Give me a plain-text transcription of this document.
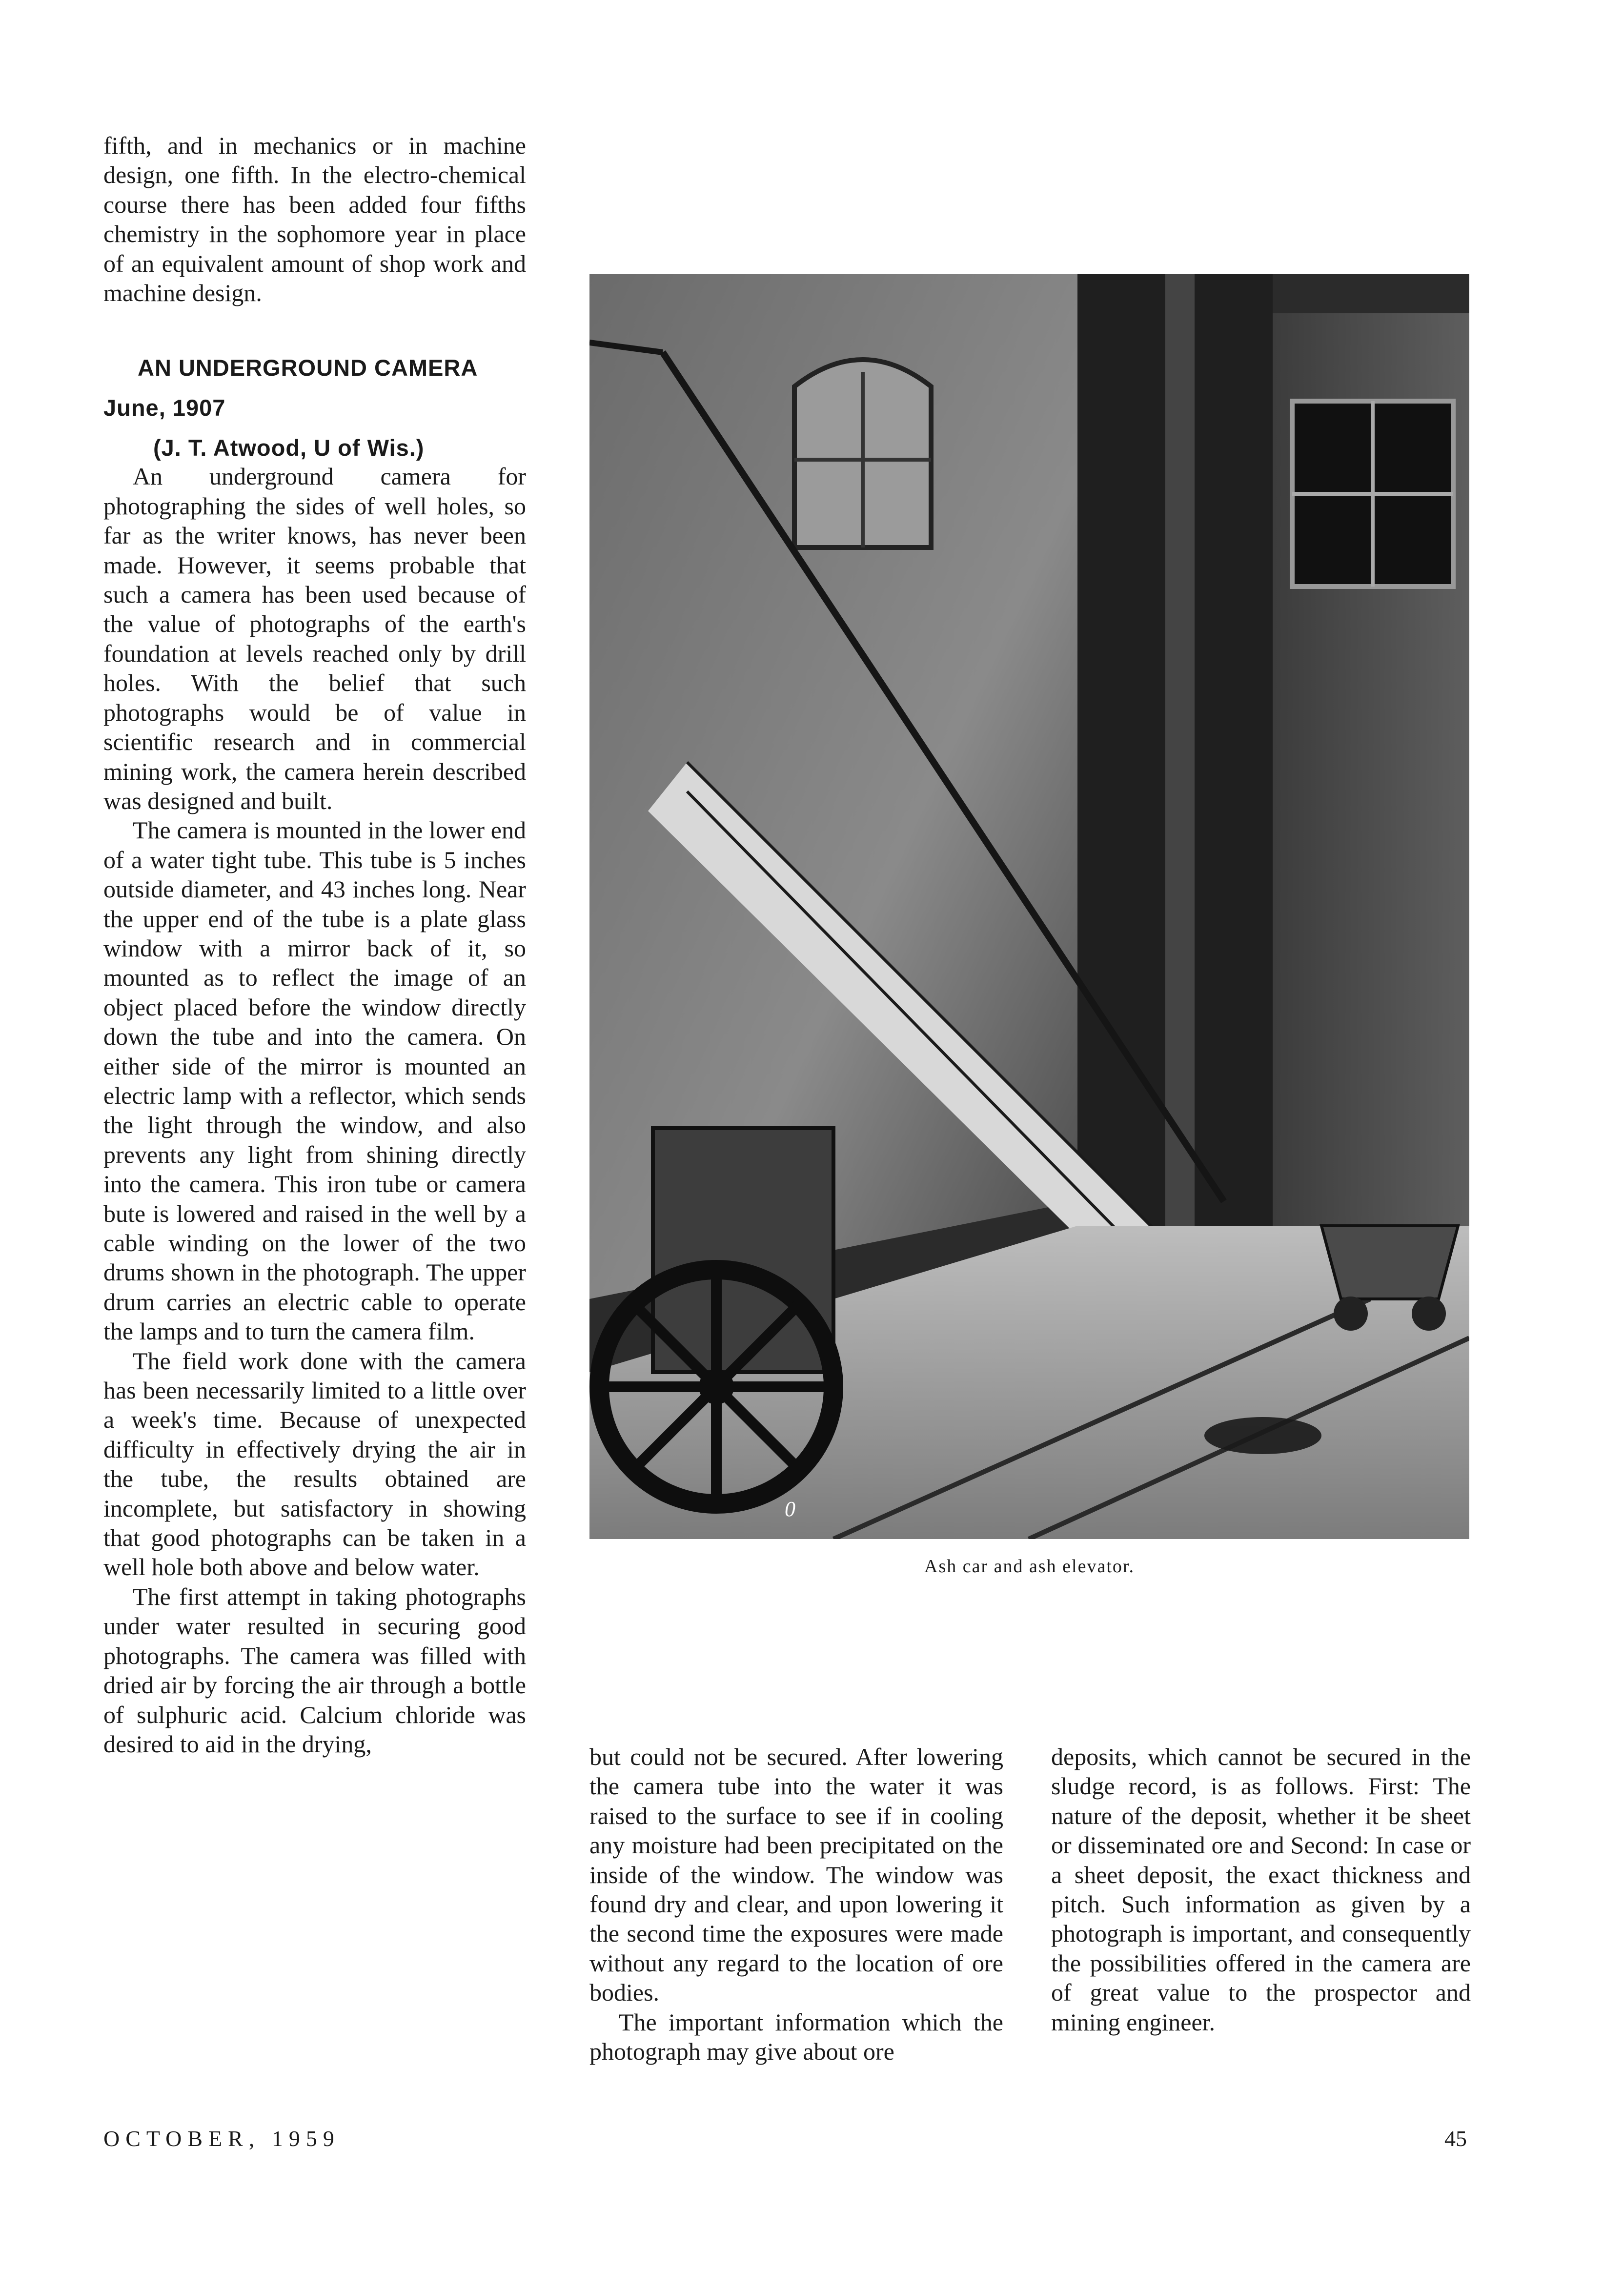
fifth, and in mechanics or in machine design, one fifth. In the electro-chemical course there has been added four fifths chemistry in the sophomore year in place of an equivalent amount of shop work and machine design.

AN UNDERGROUND CAMERA

June, 1907

(J. T. Atwood, U of Wis.)

An underground camera for photographing the sides of well holes, so far as the writer knows, has never been made. However, it seems probable that such a camera has been used because of the value of photographs of the earth's foundation at levels reached only by drill holes. With the belief that such photographs would be of value in scientific research and in commercial mining work, the camera herein described was designed and built.

The camera is mounted in the lower end of a water tight tube. This tube is 5 inches outside diameter, and 43 inches long. Near the upper end of the tube is a plate glass window with a mirror back of it, so mounted as to reflect the image of an object placed before the window directly down the tube and into the camera. On either side of the mirror is mounted an electric lamp with a reflector, which sends the light through the window, and also prevents any light from shining directly into the camera. This iron tube or camera bute is lowered and raised in the well by a cable winding on the lower of the two drums shown in the photograph. The upper drum carries an electric cable to operate the lamps and to turn the camera film.

The field work done with the camera has been necessarily limited to a little over a week's time. Because of unexpected difficulty in effectively drying the air in the tube, the results obtained are incomplete, but satisfactory in showing that good photographs can be taken in a well hole both above and below water.

The first attempt in taking photographs under water resulted in securing good photographs. The camera was filled with dried air by forcing the air through a bottle of sulphuric acid. Calcium chloride was desired to aid in the drying,

0
Ash car and ash elevator.

but could not be secured. After lowering the camera tube into the water it was raised to the surface to see if in cooling any moisture had been precipitated on the inside of the window. The window was found dry and clear, and upon lowering it the second time the exposures were made without any regard to the location of ore bodies.

The important information which the photograph may give about ore

deposits, which cannot be secured in the sludge record, is as follows. First: The nature of the deposit, whether it be sheet or disseminated ore and Second: In case or a sheet deposit, the exact thickness and pitch. Such information as given by a photograph is important, and consequently the possibilities offered in the camera are of great value to the prospector and mining engineer.

OCTOBER, 1959	45
